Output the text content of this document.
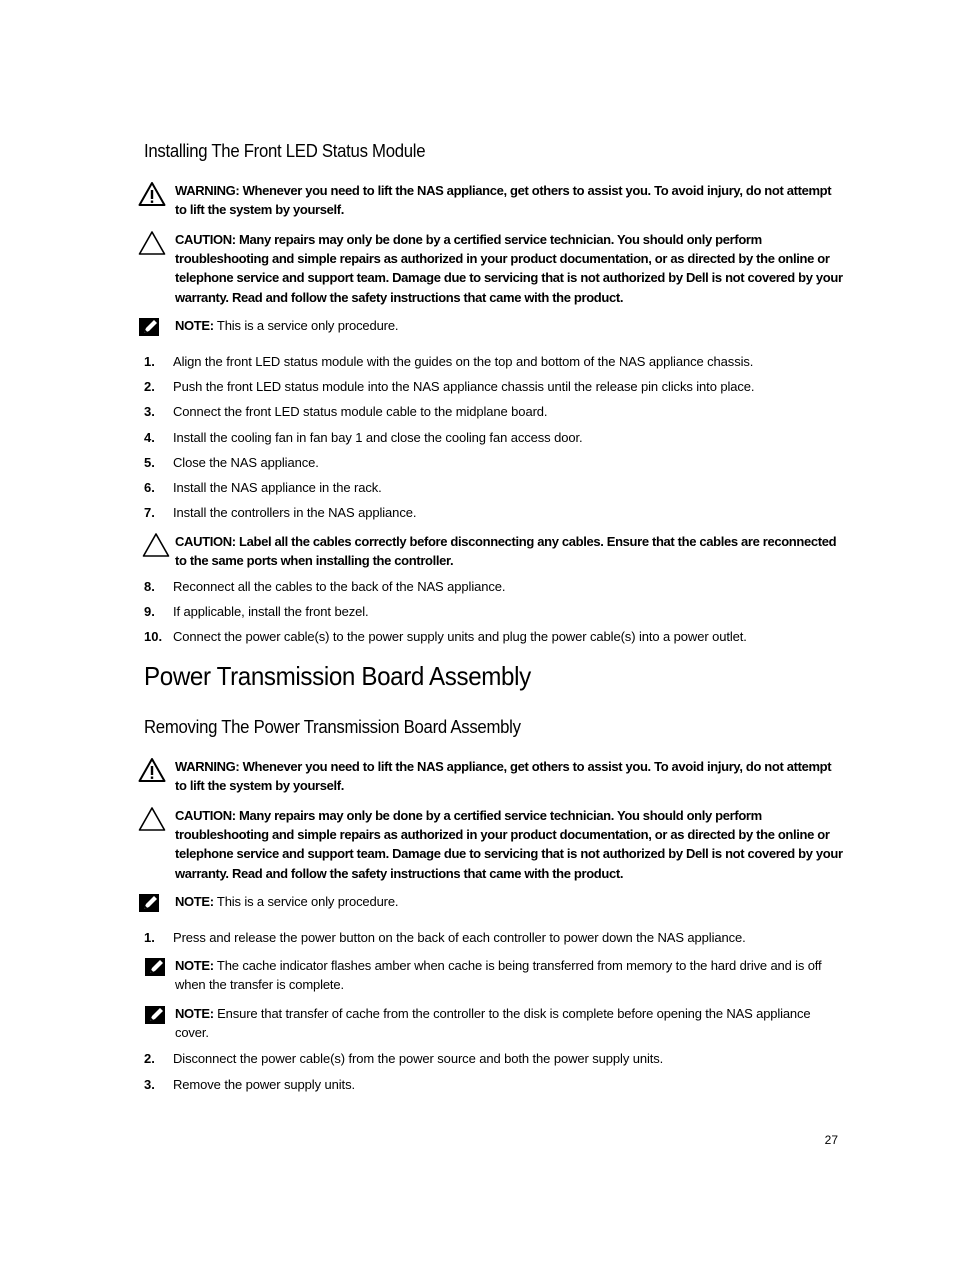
Installing The Front LED Status Module
WARNING: Whenever you need to lift the NAS appliance, get others to assist you. To avoid injury, do not attempt to lift the system by yourself.
CAUTION: Many repairs may only be done by a certified service technician. You should only perform troubleshooting and simple repairs as authorized in your product documentation, or as directed by the online or telephone service and support team. Damage due to servicing that is not authorized by Dell is not covered by your warranty. Read and follow the safety instructions that came with the product.
NOTE: This is a service only procedure.
1. Align the front LED status module with the guides on the top and bottom of the NAS appliance chassis.
2. Push the front LED status module into the NAS appliance chassis until the release pin clicks into place.
3. Connect the front LED status module cable to the midplane board.
4. Install the cooling fan in fan bay 1 and close the cooling fan access door.
5. Close the NAS appliance.
6. Install the NAS appliance in the rack.
7. Install the controllers in the NAS appliance.
CAUTION: Label all the cables correctly before disconnecting any cables. Ensure that the cables are reconnected to the same ports when installing the controller.
8. Reconnect all the cables to the back of the NAS appliance.
9. If applicable, install the front bezel.
10. Connect the power cable(s) to the power supply units and plug the power cable(s) into a power outlet.
Power Transmission Board Assembly
Removing The Power Transmission Board Assembly
WARNING: Whenever you need to lift the NAS appliance, get others to assist you. To avoid injury, do not attempt to lift the system by yourself.
CAUTION: Many repairs may only be done by a certified service technician. You should only perform troubleshooting and simple repairs as authorized in your product documentation, or as directed by the online or telephone service and support team. Damage due to servicing that is not authorized by Dell is not covered by your warranty. Read and follow the safety instructions that came with the product.
NOTE: This is a service only procedure.
1. Press and release the power button on the back of each controller to power down the NAS appliance.
NOTE: The cache indicator flashes amber when cache is being transferred from memory to the hard drive and is off when the transfer is complete.
NOTE: Ensure that transfer of cache from the controller to the disk is complete before opening the NAS appliance cover.
2. Disconnect the power cable(s) from the power source and both the power supply units.
3. Remove the power supply units.
27
